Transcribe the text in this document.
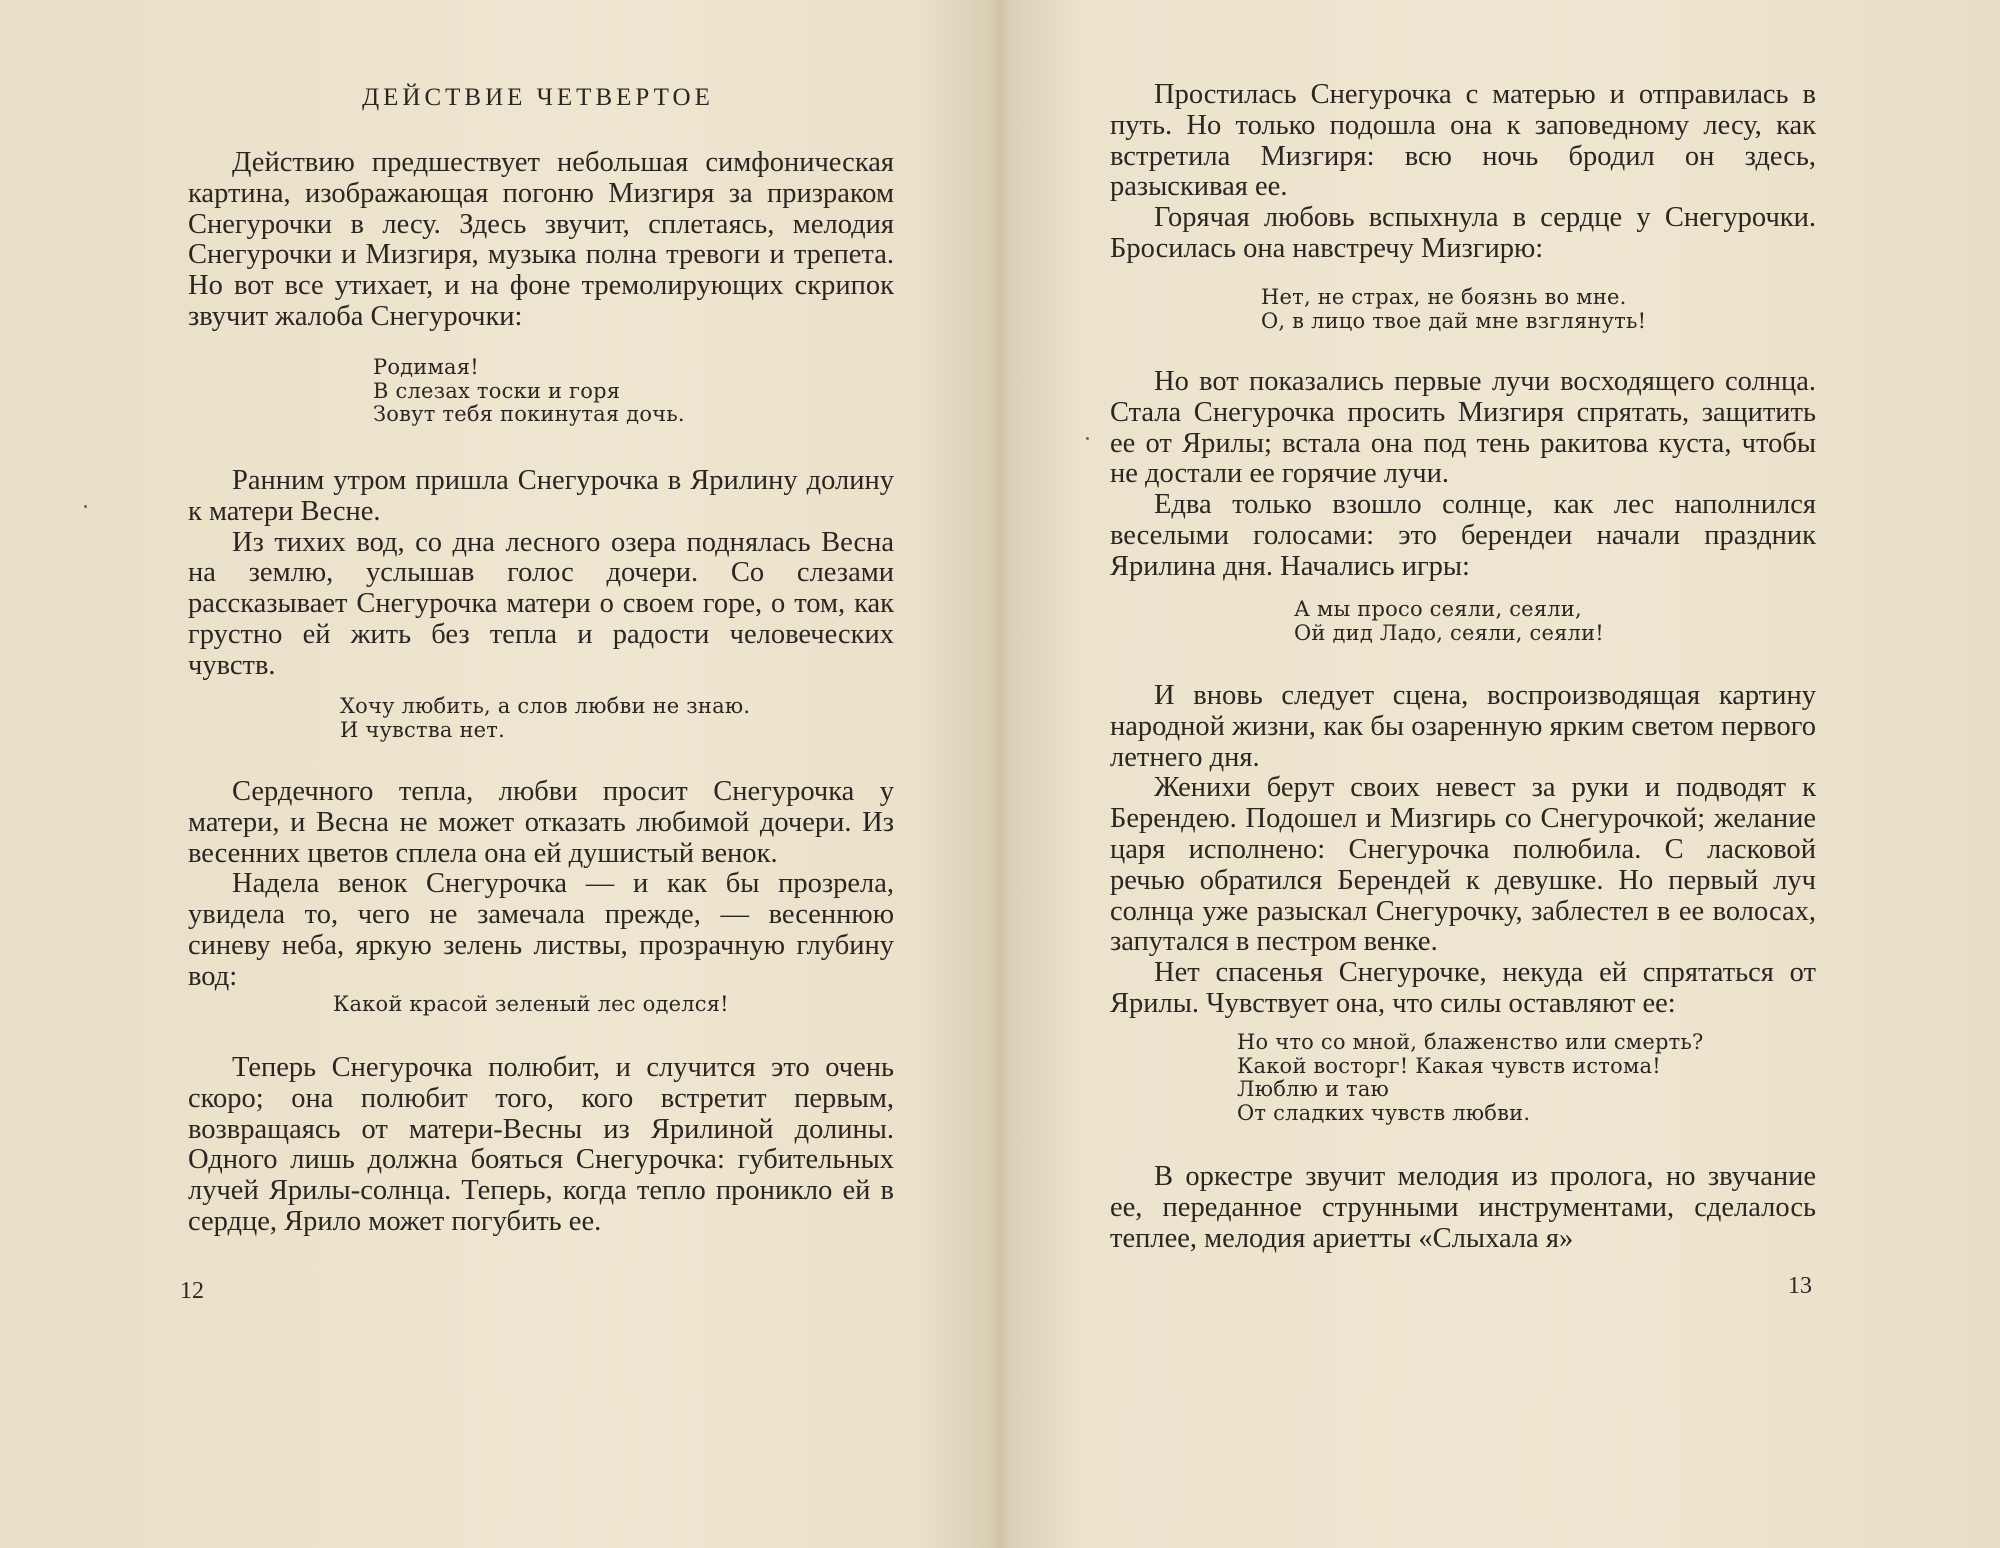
ДЕЙСТВИЕ ЧЕТВЕРТОЕ

Действию предшествует небольшая симфоническая картина, изображающая погоню Мизгиря за призраком Снегурочки в лесу. Здесь звучит, сплетаясь, мелодия Снегурочки и Мизгиря, музыка полна тревоги и трепета. Но вот все утихает, и на фоне тремолирующих скрипок звучит жалоба Снегурочки:

Родимая!
В слезах тоски и горя
Зовут тебя покинутая дочь.

Ранним утром пришла Снегурочка в Ярилину долину к матери Весне.

Из тихих вод, со дна лесного озера поднялась Весна на землю, услышав голос дочери. Со слезами рассказывает Снегурочка матери о своем горе, о том, как грустно ей жить без тепла и радости человеческих чувств.

Хочу любить, а слов любви не знаю.
И чувства нет.

Сердечного тепла, любви просит Снегурочка у матери, и Весна не может отказать любимой дочери. Из весенних цветов сплела она ей душистый венок.

Надела венок Снегурочка — и как бы прозрела, увидела то, чего не замечала прежде, — весеннюю синеву неба, яркую зелень листвы, прозрачную глубину вод:

Какой красой зеленый лес оделся!

Теперь Снегурочка полюбит, и случится это очень скоро; она полюбит того, кого встретит первым, возвращаясь от матери-Весны из Ярилиной долины. Одного лишь должна бояться Снегурочка: губительных лучей Ярилы-солнца. Теперь, когда тепло проникло ей в сердце, Ярило может погубить ее.

12

Простилась Снегурочка с матерью и отправилась в путь. Но только подошла она к заповедному лесу, как встретила Мизгиря: всю ночь бродил он здесь, разыскивая ее.

Горячая любовь вспыхнула в сердце у Снегурочки. Бросилась она навстречу Мизгирю:

Нет, не страх, не боязнь во мне.
О, в лицо твое дай мне взглянуть!

Но вот показались первые лучи восходящего солнца. Стала Снегурочка просить Мизгиря спрятать, защитить ее от Ярилы; встала она под тень ракитова куста, чтобы не достали ее горячие лучи.

Едва только взошло солнце, как лес наполнился веселыми голосами: это берендеи начали праздник Ярилина дня. Начались игры:

А мы просо сеяли, сеяли,
Ой дид Ладо, сеяли, сеяли!

И вновь следует сцена, воспроизводящая картину народной жизни, как бы озаренную ярким светом первого летнего дня.

Женихи берут своих невест за руки и подводят к Берендею. Подошел и Мизгирь со Снегурочкой; желание царя исполнено: Снегурочка полюбила. С ласковой речью обратился Берендей к девушке. Но первый луч солнца уже разыскал Снегурочку, заблестел в ее волосах, запутался в пестром венке.

Нет спасенья Снегурочке, некуда ей спрятаться от Ярилы. Чувствует она, что силы оставляют ее:

Но что со мной, блаженство или смерть?
Какой восторг! Какая чувств истома!
Люблю и таю
От сладких чувств любви.

В оркестре звучит мелодия из пролога, но звучание ее, переданное струнными инструментами, сделалось теплее, мелодия ариетты «Слыхала я»

13
